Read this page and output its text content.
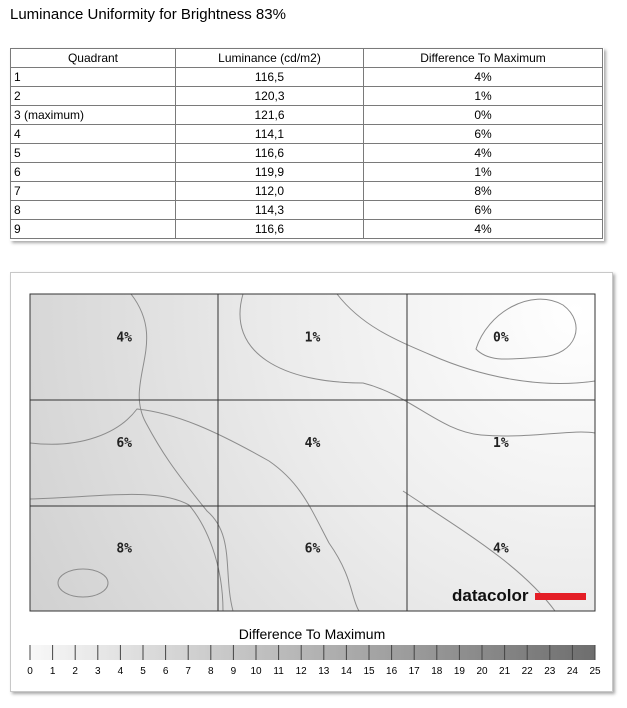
Luminance Uniformity for Brightness 83%
Quadrant	Luminance (cd/m2)	Difference To Maximum
1	116,5	4%
2	120,3	1%
3 (maximum)	121,6	0%
4	114,1	6%
5	116,6	4%
6	119,9	1%
7	112,0	8%
8	114,3	6%
9	116,6	4%
4%	1%	0%
6%	4%	1%
8%	6%	4%
datacolor
Difference To Maximum
0 1 2 3 4 5 6 7 8 9 10 11 12 13 14 15 16 17 18 19 20 21 22 23 24 25
